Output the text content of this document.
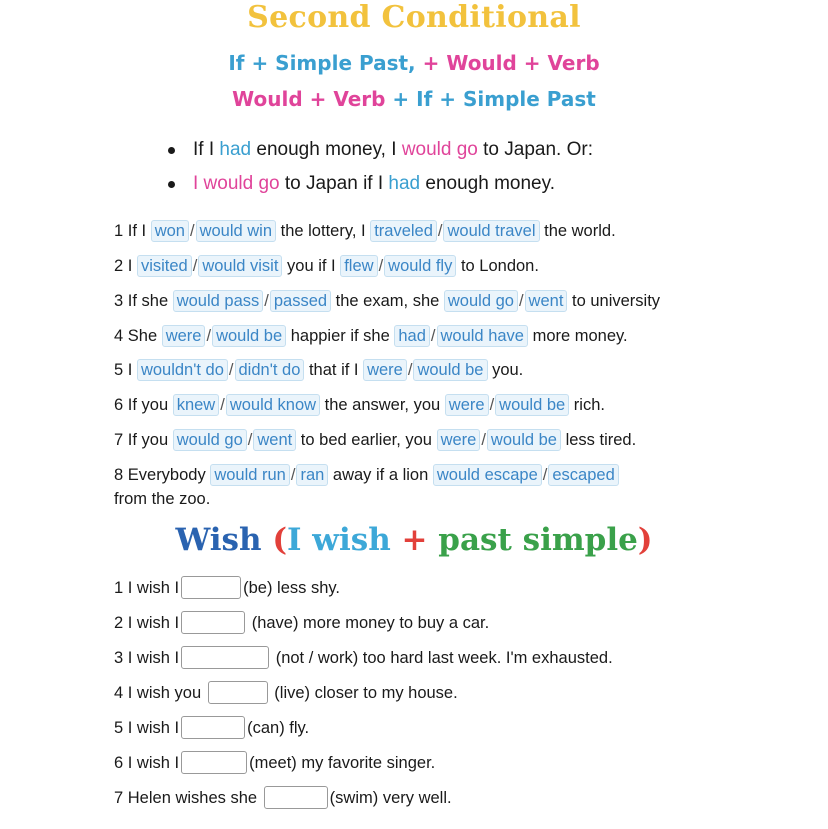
Second Conditional
If + Simple Past, + Would + Verb
Would + Verb + If + Simple Past
If I had enough money, I would go to Japan. Or:
I would go to Japan if I had enough money.
1 If I won / would win the lottery, I traveled / would travel the world.
2 I visited / would visit you if I flew / would fly to London.
3 If she would pass / passed the exam, she would go / went to university
4 She were / would be happier if she had / would have more money.
5 I wouldn't do / didn't do that if I were / would be you.
6 If you knew / would know the answer, you were / would be rich.
7 If you would go / went to bed earlier, you were / would be less tired.
8 Everybody would run / ran away if a lion would escape / escaped
from the zoo.
Wish (I wish + past simple)
1 I wish I	(be) less shy.
2 I wish I	(have) more money to buy a car.
3 I wish I	(not / work) too hard last week. I'm exhausted.
4 I wish you	(live) closer to my house.
5 I wish I	(can) fly.
6 I wish I	(meet) my favorite singer.
7 Helen wishes she	(swim) very well.
